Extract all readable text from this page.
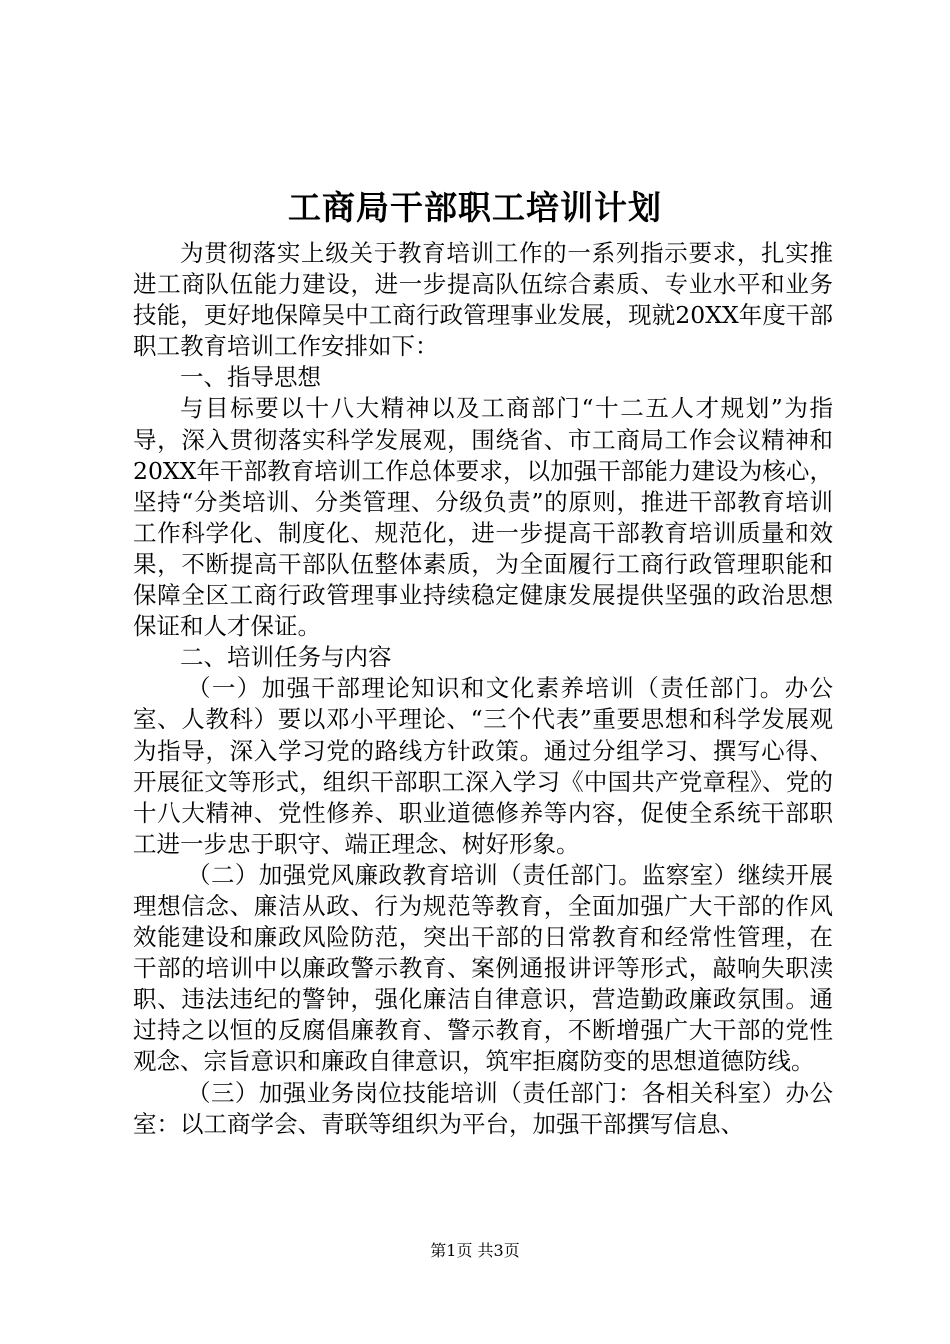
工商局干部职工培训计划

为贯彻落实上级关于教育培训工作的一系列指示要求，扎实推进工商队伍能力建设，进一步提高队伍综合素质、专业水平和业务技能，更好地保障吴中工商行政管理事业发展，现就20XX年度干部职工教育培训工作安排如下：

一、指导思想

与目标要以十八大精神以及工商部门“十二五人才规划”为指导，深入贯彻落实科学发展观，围绕省、市工商局工作会议精神和20XX年干部教育培训工作总体要求，以加强干部能力建设为核心，坚持“分类培训、分类管理、分级负责”的原则，推进干部教育培训工作科学化、制度化、规范化，进一步提高干部教育培训质量和效果，不断提高干部队伍整体素质，为全面履行工商行政管理职能和保障全区工商行政管理事业持续稳定健康发展提供坚强的政治思想保证和人才保证。

二、培训任务与内容

（一）加强干部理论知识和文化素养培训（责任部门。办公室、人教科）要以邓小平理论、“三个代表”重要思想和科学发展观为指导，深入学习党的路线方针政策。通过分组学习、撰写心得、开展征文等形式，组织干部职工深入学习《中国共产党章程》、党的十八大精神、党性修养、职业道德修养等内容，促使全系统干部职工进一步忠于职守、端正理念、树好形象。

（二）加强党风廉政教育培训（责任部门。监察室）继续开展理想信念、廉洁从政、行为规范等教育，全面加强广大干部的作风效能建设和廉政风险防范，突出干部的日常教育和经常性管理，在干部的培训中以廉政警示教育、案例通报讲评等形式，敲响失职渎职、违法违纪的警钟，强化廉洁自律意识，营造勤政廉政氛围。通过持之以恒的反腐倡廉教育、警示教育，不断增强广大干部的党性观念、宗旨意识和廉政自律意识，筑牢拒腐防变的思想道德防线。

（三）加强业务岗位技能培训（责任部门：各相关科室）办公室：以工商学会、青联等组织为平台，加强干部撰写信息、

第1页 共3页
